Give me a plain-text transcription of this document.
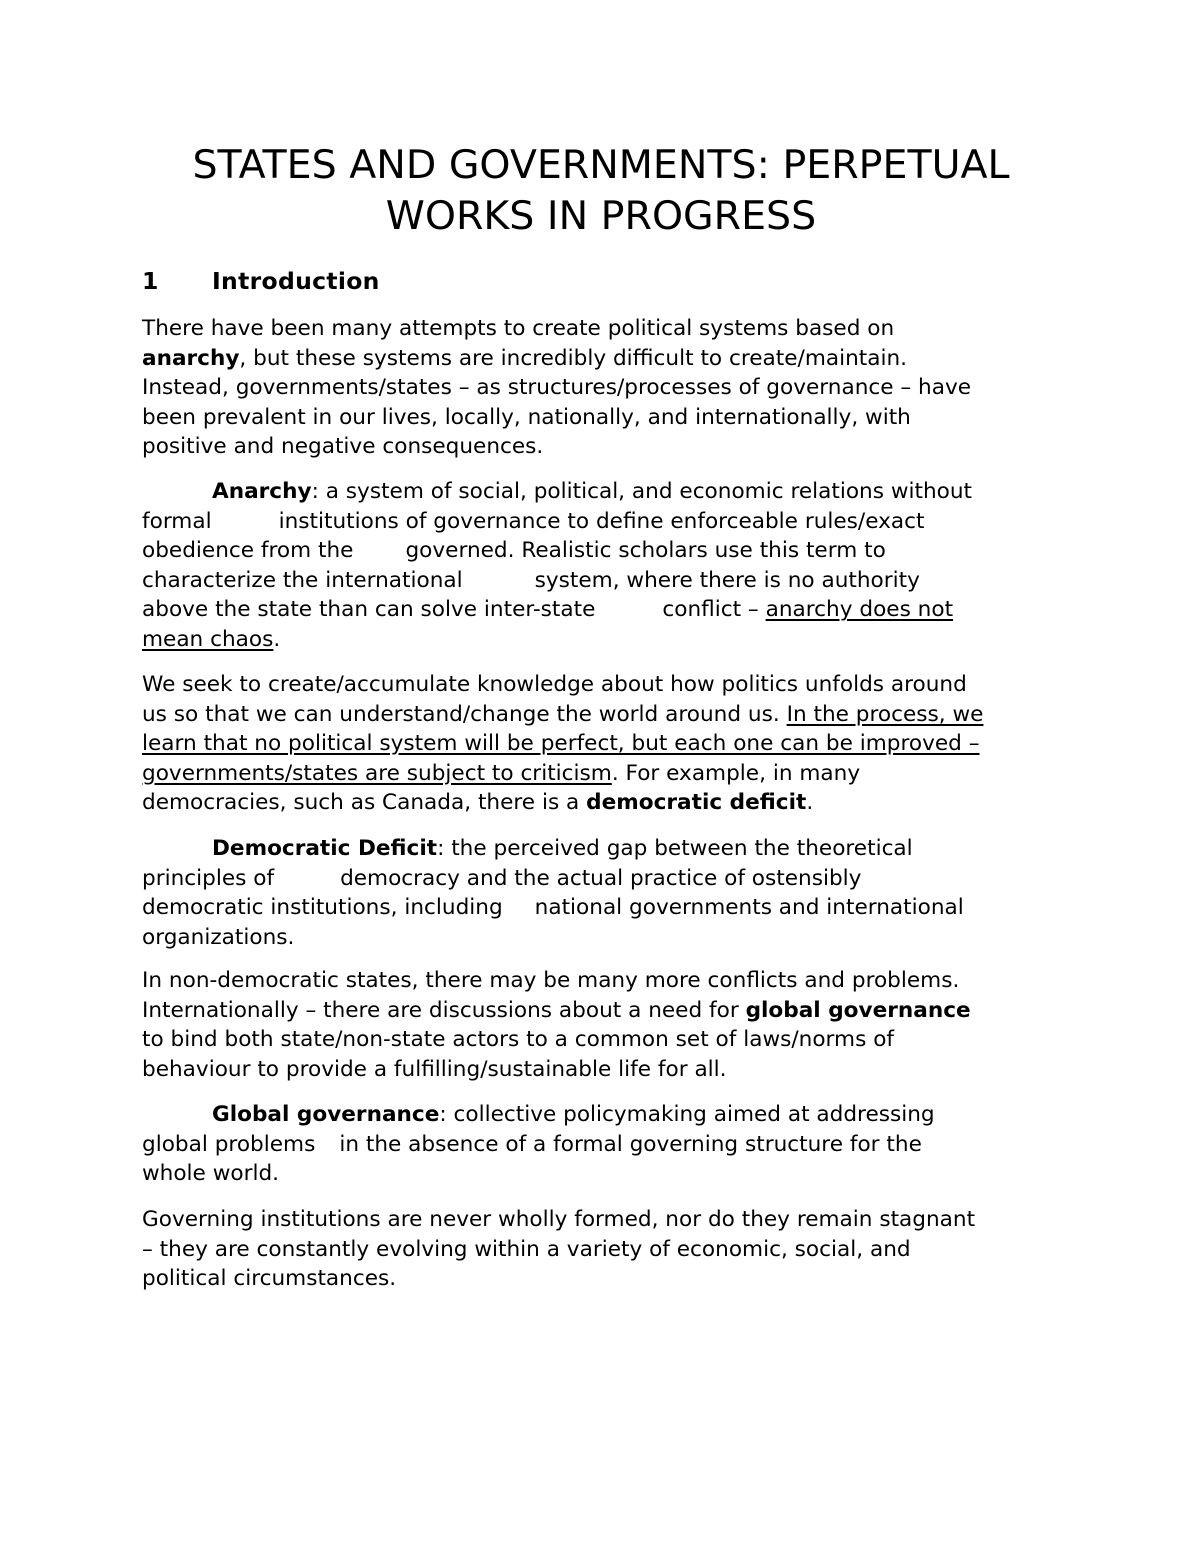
STATES AND GOVERNMENTS: PERPETUAL
WORKS IN PROGRESS
1 Introduction

There have been many attempts to create political systems based on
anarchy, but these systems are incredibly difficult to create/maintain.
Instead, governments/states – as structures/processes of governance – have
been prevalent in our lives, locally, nationally, and internationally, with
positive and negative consequences.

Anarchy: a system of social, political, and economic relations without
formal	institutions of governance to define enforceable rules/exact
obedience from the governed. Realistic scholars use this term to
characterize the international	system, where there is no authority
above the state than can solve inter-state	conflict – anarchy does not
mean chaos.

We seek to create/accumulate knowledge about how politics unfolds around
us so that we can understand/change the world around us. In the process, we
learn that no political system will be perfect, but each one can be improved –
governments/states are subject to criticism. For example, in many
democracies, such as Canada, there is a democratic deficit.

Democratic Deficit: the perceived gap between the theoretical
principles of	democracy and the actual practice of ostensibly
democratic institutions, including national governments and international
organizations.

In non-democratic states, there may be many more conflicts and problems.
Internationally – there are discussions about a need for global governance
to bind both state/non-state actors to a common set of laws/norms of
behaviour to provide a fulfilling/sustainable life for all.

Global governance: collective policymaking aimed at addressing
global problems in the absence of a formal governing structure for the
whole world.

Governing institutions are never wholly formed, nor do they remain stagnant
– they are constantly evolving within a variety of economic, social, and
political circumstances.
